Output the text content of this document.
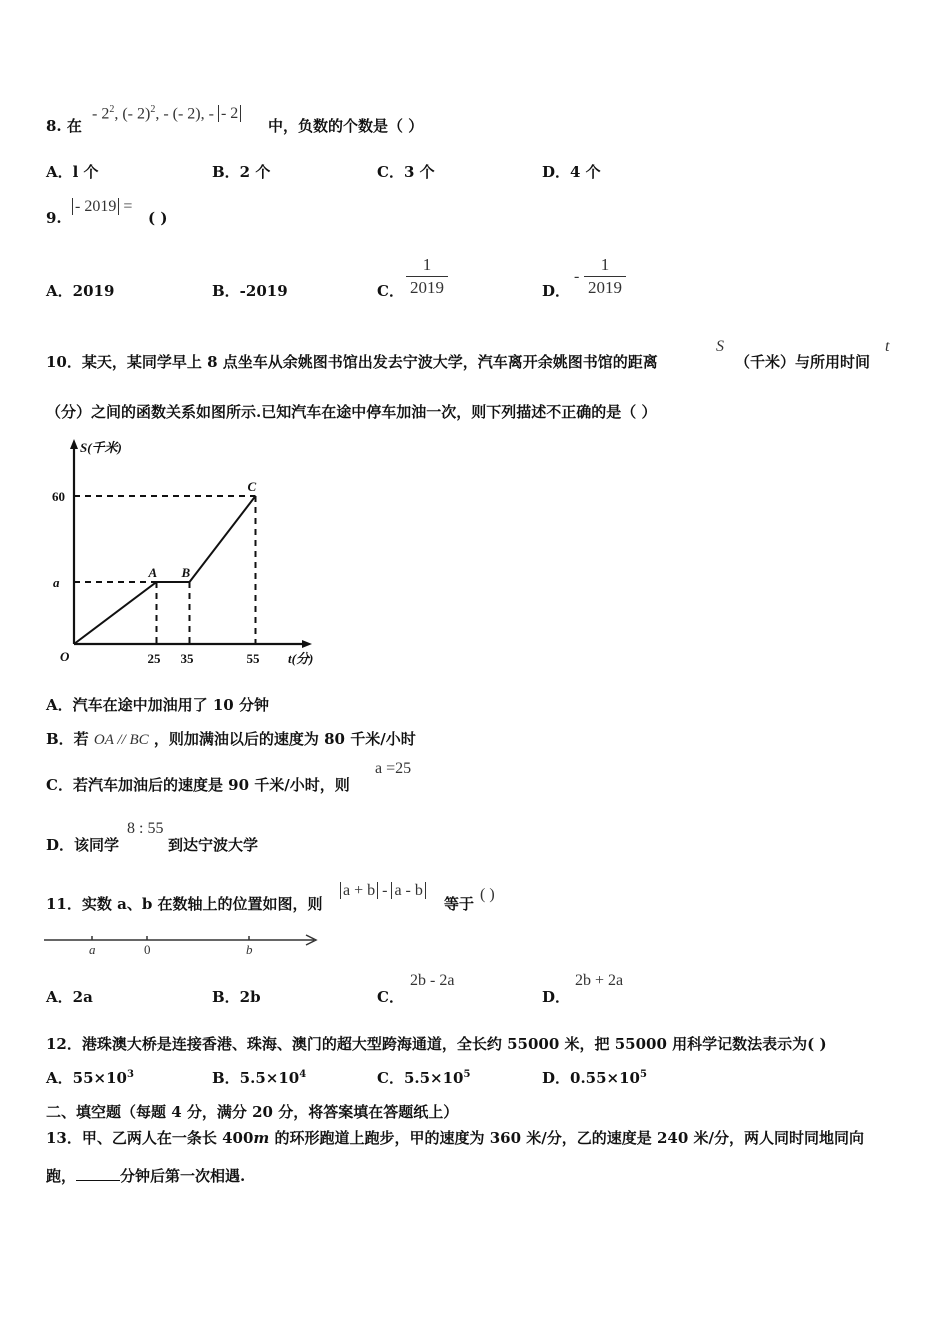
8. 在
- $2^2$, (- 2)$^2$, - (- 2), - - 2
中，负数的个数是（ ）
A．l 个	B．2 个	C．3 个	D．4 个
9.
- 2019 =
( )
A．2019	B．-2019	C．
1
2019	D．
-
1
2019
10．某天，某同学早上 8 点坐车从余姚图书馆出发去宁波大学，汽车离开余姚图书馆的距离
S
（千米）与所用时间
t
（分）之间的函数关系如图所示.已知汽车在途中停车加油一次，则下列描述不正确的是（ ）
A B
C
25 35	55
a
60
O
S(千米)
t(分)
A．汽车在途中加油用了 10 分钟
B．若 OA // BC ，则加满油以后的速度为 80 千米/小时
C．若汽车加油后的速度是 90 千米/小时，则
a =25
D．该同学
8 : 55
到达宁波大学
11．实数 a、b 在数轴上的位置如图，则
a + b - a - b
等于
( )
a	0	b
A．2a	B．2b	C．
2b - 2a
D．
2b + 2a
12．港珠澳大桥是连接香港、珠海、澳门的超大型跨海通道，全长约 55000 米，把 55000 用科学记数法表示为( )
A．$55\times 10^3$	B．$5.5\times 10^4$	C．$5.5\times 10^5$	D．$0.55\times 10^5$
二、填空题（每题 4 分，满分 20 分，将答案填在答题纸上）
13．甲、乙两人在一条长 400m 的环形跑道上跑步，甲的速度为 360 米/分，乙的速度是 240 米/分，两人同时同地同向
跑，	分钟后第一次相遇.
